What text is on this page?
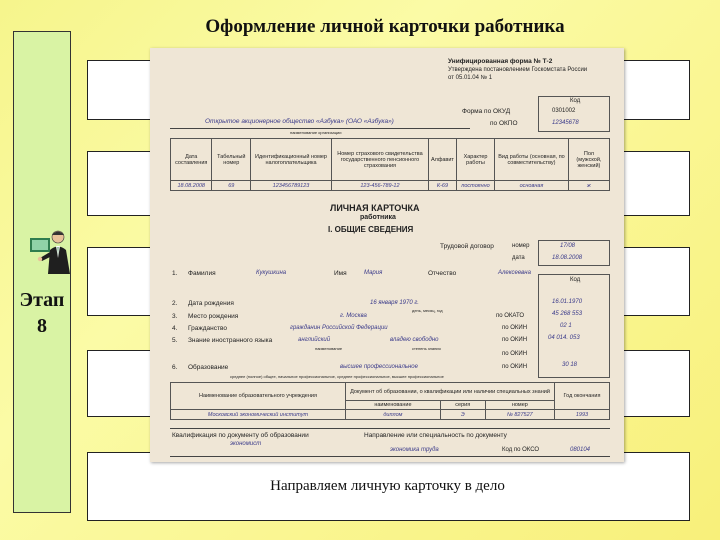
Оформление личной карточки работника
Этап
8
Направляем личную карточку в дело
Унифицированная форма № Т-2
Утверждена постановлением Госкомстата России
от 05.01.04 № 1
Код
Форма по ОКУД	0301002
по ОКПО	12345678
Открытое акционерное общество «Азбука» (ОАО «Азбука»)
наименование организации
Дата составления	Табельный номер	Идентификационный номер налогоплательщика	Номер страхового свидетельства государственного пенсионного страхования	Алфавит	Характер работы	Вид работы (основная, по совместительству)	Пол (мужской, женский)
18.08.2008	69	123456789123	123-456-789-12	К-69	постоянно	основная	ж
ЛИЧНАЯ КАРТОЧКА
работника
I. ОБЩИЕ СВЕДЕНИЯ
Трудовой договор	номер	17/08
дата	18.08.2008
Код
1. Фамилия	Кукушкина	Имя	Мария	Отчество	Алексеевна
2. Дата рождения	16 января 1970 г.	16.01.1970
день, месяц, год
3. Место рождения	г. Москва	по ОКАТО	45 268 553
4. Гражданство	гражданин Российской Федерации	по ОКИН	02 1
5. Знание иностранного языка	английский	владею свободно	по ОКИН	04 014. 053
наименование	степень знания
по ОКИН
6. Образование	высшее профессиональное	по ОКИН	30 18
среднее (полное) общее, начальное профессиональное, среднее профессиональное, высшее профессиональное
Наименование образовательного учреждения	Документ об образовании, о квалификации или наличии специальных знаний			Год окончания
	наименование	серия	номер	
Московский экономический институт	диплом	Э	№ 827527	1993
Квалификация по документу об образовании
экономист
Направление или специальность по документу
экономика труда	Код по ОКСО	080104
